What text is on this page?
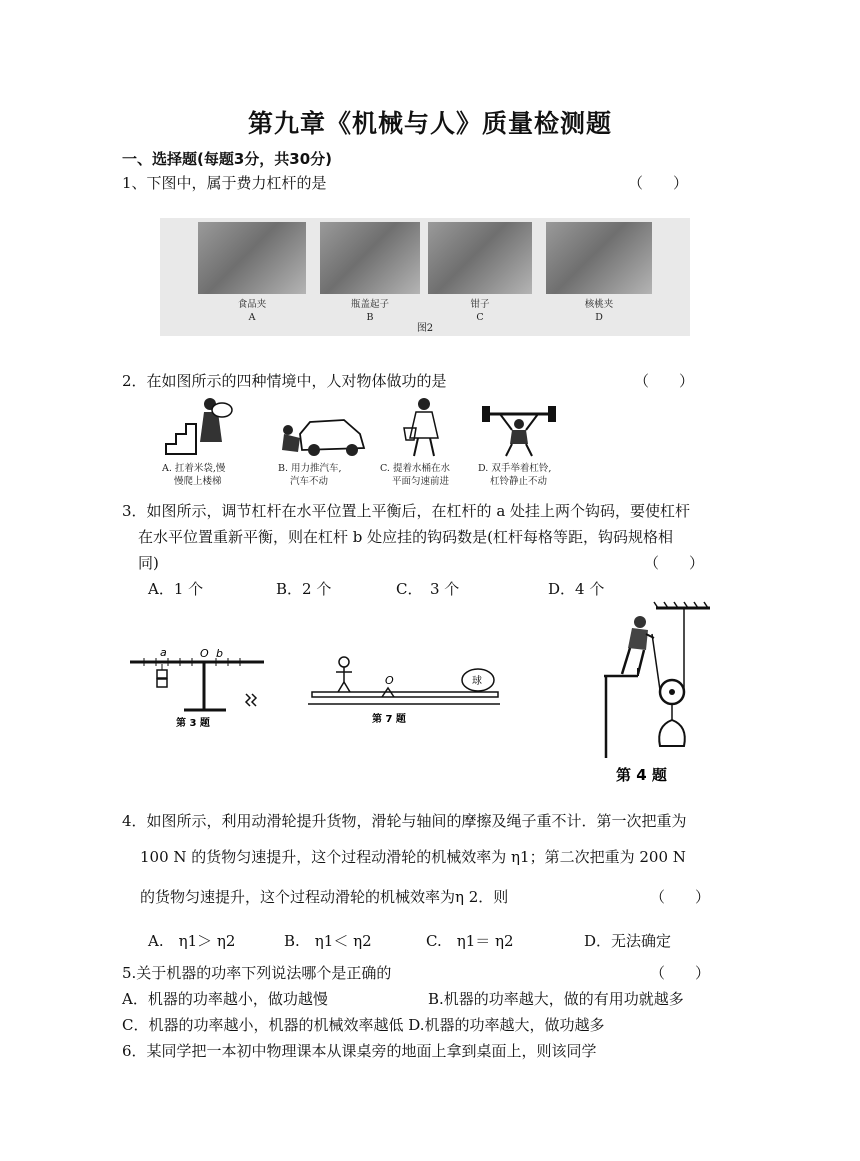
第九章《机械与人》质量检测题
一、选择题(每题3分，共30分)
1、下图中，属于费力杠杆的是	（　　）
食品夹
A
瓶盖起子
B
钳子
C
核桃夹
D
图2
2．在如图所示的四种情境中，人对物体做功的是	（　　）
A. 扛着米袋,慢
慢爬上楼梯
B. 用力推汽车,
汽车不动
C. 提着水桶在水
平面匀速前进
D. 双手举着杠铃,
杠铃静止不动
3．如图所示，调节杠杆在水平位置上平衡后，在杠杆的 a 处挂上两个钩码，要使杠杆
在水平位置重新平衡，则在杠杆 b 处应挂的钩码数是(杠杆每格等距，钩码规格相
同)	（　　）
A．1 个	B．2 个	C．　3 个	D．4 个
a	O b
第 3 题
O	球
第 7 题
第 4 题
4．如图所示，利用动滑轮提升货物，滑轮与轴间的摩擦及绳子重不计．第一次把重为
100 N 的货物匀速提升，这个过程动滑轮的机械效率为 η1；第二次把重为 200 N
的货物匀速提升，这个过程动滑轮的机械效率为η 2．则	（　　）
A.　η1＞ η2	B.　η1＜ η2	C.　η1＝ η2	D．无法确定
5.关于机器的功率下列说法哪个是正确的	（　　）
A．机器的功率越小，做功越慢	B.机器的功率越大，做的有用功就越多
C．机器的功率越小，机器的机械效率越低 D.机器的功率越大，做功越多
6．某同学把一本初中物理课本从课桌旁的地面上拿到桌面上，则该同学
